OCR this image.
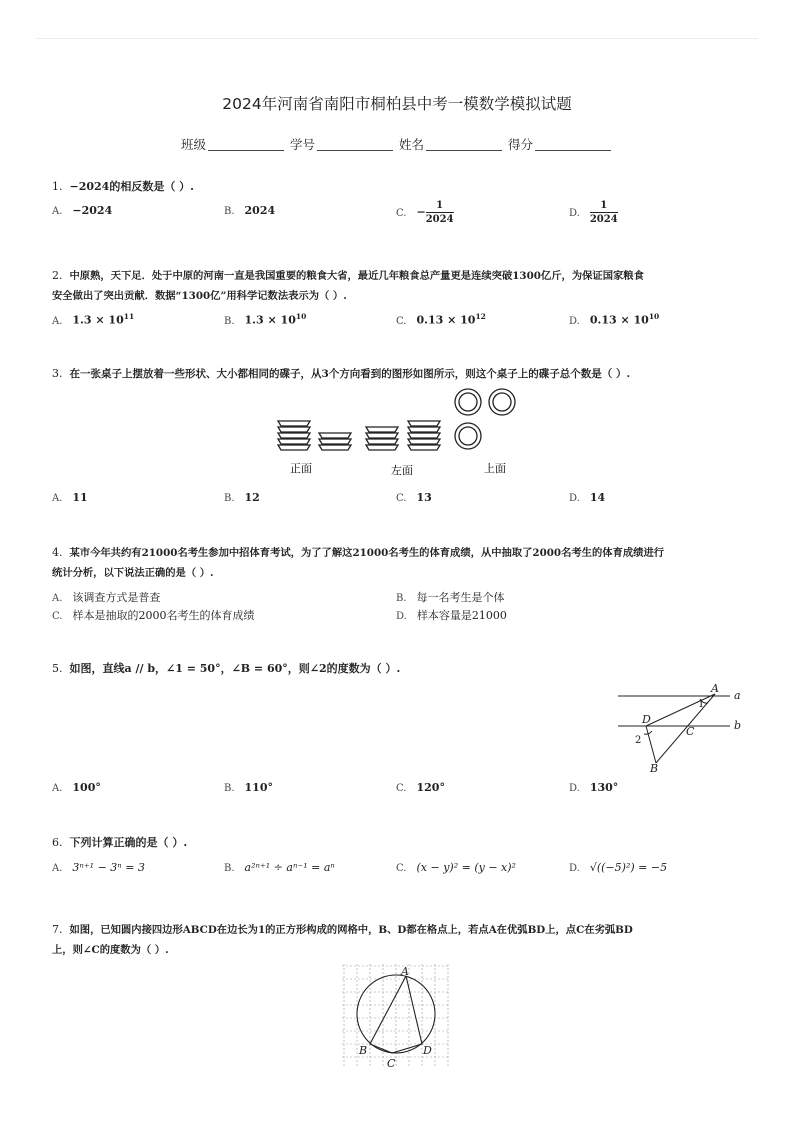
2024年河南省南阳市桐柏县中考一模数学模拟试题
班级	学号	姓名	得分
1. −2024的相反数是（ ）.
A. −2024	B. 2024	C. − $\frac{1}{2024}$	D. $\frac{1}{2024}$
2. 中原熟，天下足．处于中原的河南一直是我国重要的粮食大省，最近几年粮食总产量更是连续突破1300亿斤，为保证国家粮食
安全做出了突出贡献．数据“1300亿”用科学记数法表示为（ ）.
A. $1.3 \times 10^{11}$	B. $1.3 \times 10^{10}$	C. $0.13 \times 10^{12}$	D. $0.13 \times 10^{10}$
3. 在一张桌子上摆放着一些形状、大小都相同的碟子，从3个方向看到的图形如图所示，则这个桌子上的碟子总个数是（ ）.
正面	左面	上面
A. 11	B. 12	C. 13	D. 14
4. 某市今年共约有21000名考生参加中招体育考试，为了了解这21000名考生的体育成绩，从中抽取了2000名考生的体育成绩进行
统计分析，以下说法正确的是（ ）.
A. 该调查方式是普查	B. 每一名考生是个体
C. 样本是抽取的2000名考生的体育成绩	D. 样本容量是21000
5. 如图，直线a // b，∠1 = 50°，∠B = 60°，则∠2的度数为（ ）.
A
a
b
D
C
B
1
2
A. 100°	B. 110°	C. 120°	D. 130°
6. 下列计算正确的是（ ）.
A. 3ⁿ⁺¹ − 3ⁿ = 3	B. a²ⁿ⁺¹ ÷ aⁿ⁻¹ = aⁿ	C. (x − y)² = (y − x)²	D. √((−5)²) = −5
7. 如图，已知圆内接四边形ABCD在边长为1的正方形构成的网格中，B、D都在格点上，若点A在优弧BD上，点C在劣弧BD
上，则∠C的度数为（ ）.
A
B
C
D
